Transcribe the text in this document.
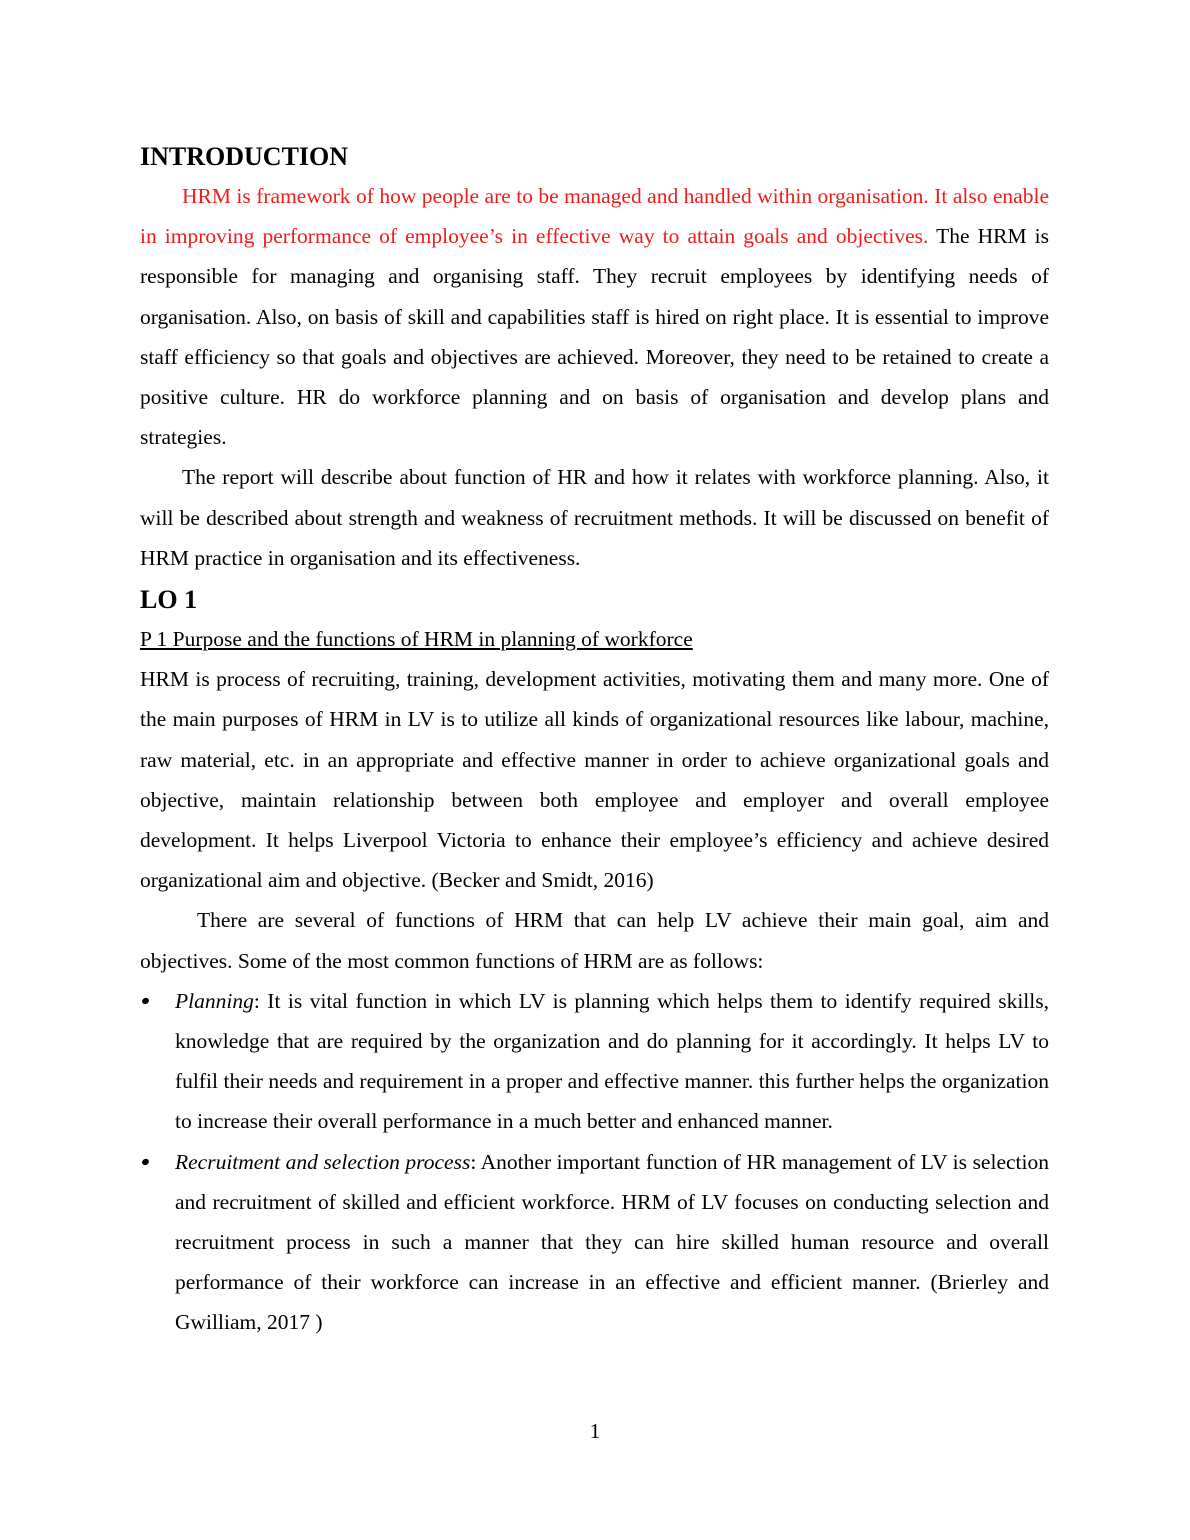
INTRODUCTION

HRM is framework of how people are to be managed and handled within organisation. It also enable in improving performance of employee’s in effective way to attain goals and objectives. The HRM is responsible for managing and organising staff. They recruit employees by identifying needs of organisation. Also, on basis of skill and capabilities staff is hired on right place. It is essential to improve staff efficiency so that goals and objectives are achieved. Moreover, they need to be retained to create a positive culture. HR do workforce planning and on basis of organisation and develop plans and strategies.

The report will describe about function of HR and how it relates with workforce planning. Also, it will be described about strength and weakness of recruitment methods. It will be discussed on benefit of HRM practice in organisation and its effectiveness.

LO 1

P 1 Purpose and the functions of HRM in planning of workforce

HRM is process of recruiting, training, development activities, motivating them and many more. One of the main purposes of HRM in LV is to utilize all kinds of organizational resources like labour, machine, raw material, etc. in an appropriate and effective manner in order to achieve organizational goals and objective, maintain relationship between both employee and employer and overall employee development. It helps Liverpool Victoria to enhance their employee’s efficiency and achieve desired organizational aim and objective. (Becker and Smidt, 2016)

There are several of functions of HRM that can help LV achieve their main goal, aim and objectives. Some of the most common functions of HRM are as follows:

Planning: It is vital function in which LV is planning which helps them to identify required skills, knowledge that are required by the organization and do planning for it accordingly. It helps LV to fulfil their needs and requirement in a proper and effective manner. this further helps the organization to increase their overall performance in a much better and enhanced manner.
Recruitment and selection process: Another important function of HR management of LV is selection and recruitment of skilled and efficient workforce. HRM of LV focuses on conducting selection and recruitment process in such a manner that they can hire skilled human resource and overall performance of their workforce can increase in an effective and efficient manner. (Brierley and Gwilliam, 2017 )
1
